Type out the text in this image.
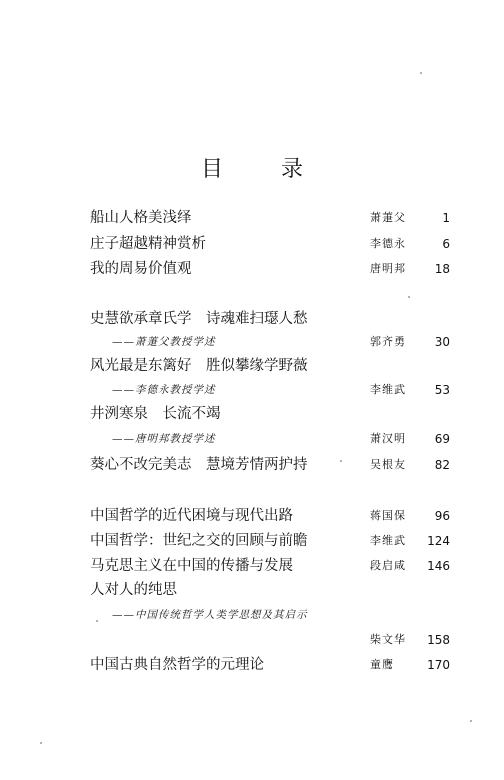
目录
船山人格美浅绎	萧萐父	1
庄子超越精神赏析	李德永	6
我的周易价值观	唐明邦 18
史慧欲承章氏学　诗魂难扫璱人愁
——萧萐父教授学述	郭齐勇 30
风光最是东篱好　胜似攀缘学野薇
——李德永教授学述	李维武 53
井洌寒泉　长流不竭
——唐明邦教授学述	萧汉明 69
葵心不改完美志　慧境芳情两护持	吴根友 82
中国哲学的近代困境与现代出路	蒋国保 96
中国哲学：世纪之交的回顾与前瞻	李维武 124
马克思主义在中国的传播与发展	段启咸 146
人对人的纯思
——中国传统哲学人类学思想及其启示
柴文华 158
中国古典自然哲学的元理论	童鹰	170
